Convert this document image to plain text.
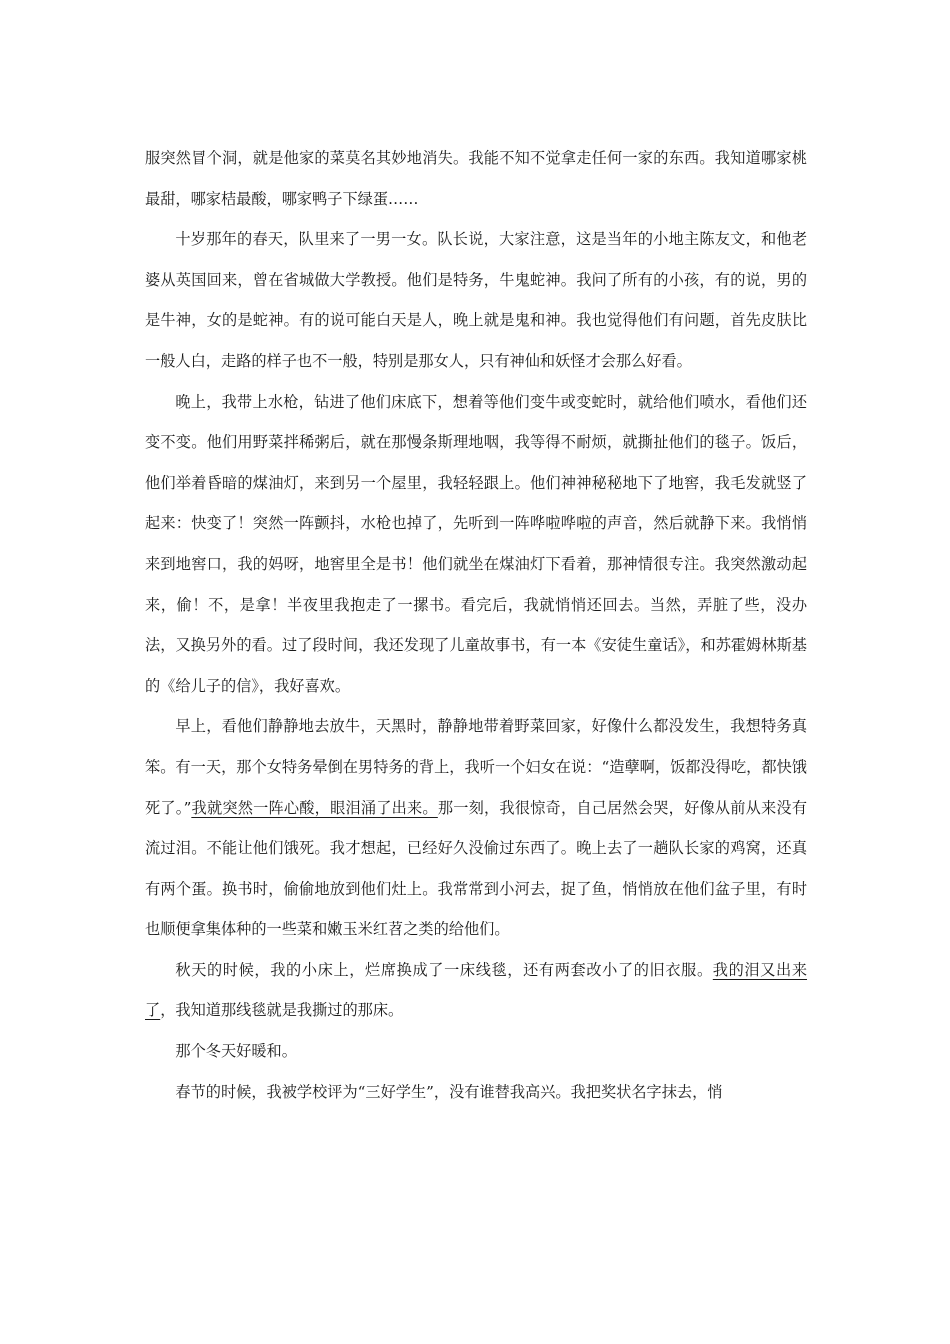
服突然冒个洞，就是他家的菜莫名其妙地消失。我能不知不觉拿走任何一家的东西。我知道哪家桃最甜，哪家桔最酸，哪家鸭子下绿蛋……

十岁那年的春天，队里来了一男一女。队长说，大家注意，这是当年的小地主陈友文，和他老婆从英国回来，曾在省城做大学教授。他们是特务，牛鬼蛇神。我问了所有的小孩，有的说，男的是牛神，女的是蛇神。有的说可能白天是人，晚上就是鬼和神。我也觉得他们有问题，首先皮肤比一般人白，走路的样子也不一般，特别是那女人，只有神仙和妖怪才会那么好看。

晚上，我带上水枪，钻进了他们床底下，想着等他们变牛或变蛇时，就给他们喷水，看他们还变不变。他们用野菜拌稀粥后，就在那慢条斯理地咽，我等得不耐烦，就撕扯他们的毯子。饭后，他们举着昏暗的煤油灯，来到另一个屋里，我轻轻跟上。他们神神秘秘地下了地窖，我毛发就竖了起来：快变了！突然一阵颤抖，水枪也掉了，先听到一阵哗啦哗啦的声音，然后就静下来。我悄悄来到地窖口，我的妈呀，地窖里全是书！他们就坐在煤油灯下看着，那神情很专注。我突然激动起来，偷！不，是拿！半夜里我抱走了一摞书。看完后，我就悄悄还回去。当然，弄脏了些，没办法，又换另外的看。过了段时间，我还发现了儿童故事书，有一本《安徒生童话》，和苏霍姆林斯基的《给儿子的信》，我好喜欢。

早上，看他们静静地去放牛，天黑时，静静地带着野菜回家，好像什么都没发生，我想特务真笨。有一天，那个女特务晕倒在男特务的背上，我听一个妇女在说：“造孽啊，饭都没得吃，都快饿死了。”我就突然一阵心酸，眼泪涌了出来。那一刻，我很惊奇，自己居然会哭，好像从前从来没有流过泪。不能让他们饿死。我才想起，已经好久没偷过东西了。晚上去了一趟队长家的鸡窝，还真有两个蛋。换书时，偷偷地放到他们灶上。我常常到小河去，捉了鱼，悄悄放在他们盆子里，有时也顺便拿集体种的一些菜和嫩玉米红苕之类的给他们。

秋天的时候，我的小床上，烂席换成了一床线毯，还有两套改小了的旧衣服。我的泪又出来了，我知道那线毯就是我撕过的那床。

那个冬天好暖和。

春节的时候，我被学校评为“三好学生”，没有谁替我高兴。我把奖状名字抹去，悄
